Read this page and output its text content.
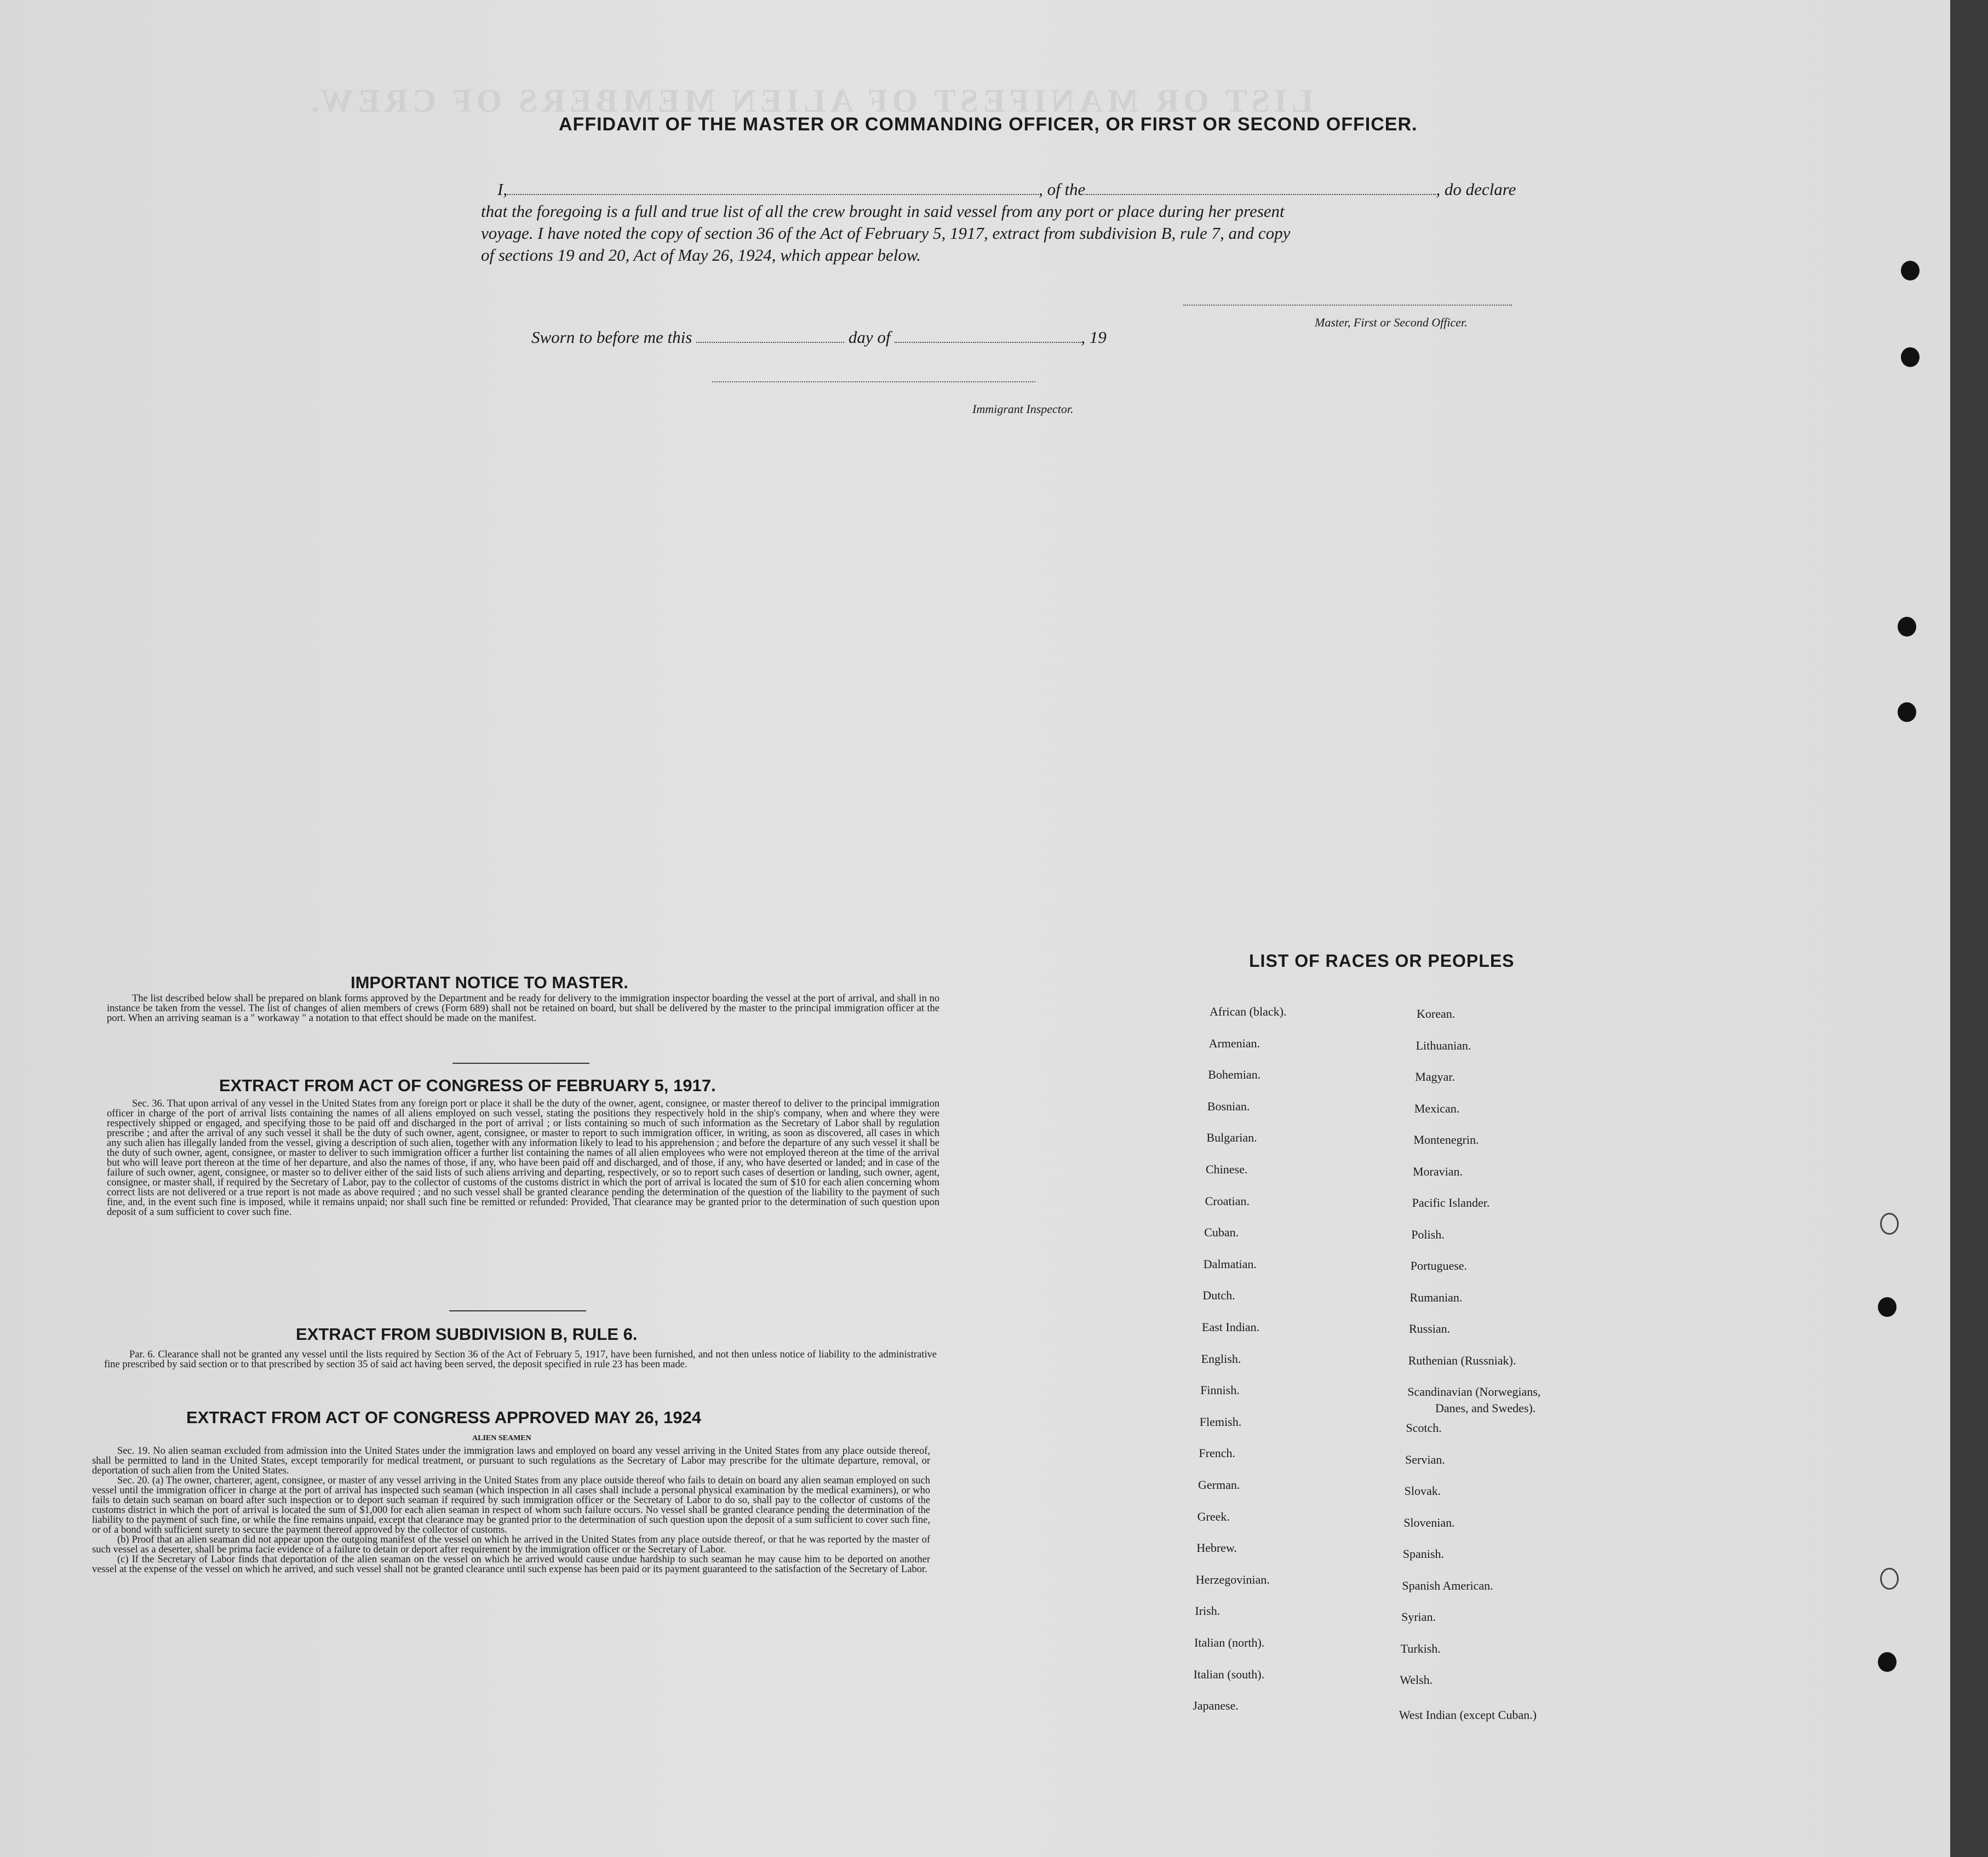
LIST OR MANIFEST OF ALIEN MEMBERS OF CREW.
AFFIDAVIT OF THE MASTER OR COMMANDING OFFICER, OR FIRST OR SECOND OFFICER.
I,	, of the	, do declare
that the foregoing is a full and true list of all the crew brought in said vessel from any port or place during her present
voyage. I have noted the copy of section 36 of the Act of February 5, 1917, extract from subdivision B, rule 7, and copy
of sections 19 and 20, Act of May 26, 1924, which appear below.
Master, First or Second Officer.
Sworn to before me this	day of	, 19
Immigrant Inspector.
IMPORTANT NOTICE TO MASTER.

The list described below shall be prepared on blank forms approved by the Department and be ready for delivery to the immigration inspector boarding the vessel at the port of arrival, and shall in no instance be taken from the vessel. The list of changes of alien members of crews (Form 689) shall not be retained on board, but shall be delivered by the master to the principal immigration officer at the port. When an arriving seaman is a " workaway " a notation to that effect should be made on the manifest.

EXTRACT FROM ACT OF CONGRESS OF FEBRUARY 5, 1917.

Sec. 36. That upon arrival of any vessel in the United States from any foreign port or place it shall be the duty of the owner, agent, consignee, or master thereof to deliver to the principal immigration officer in charge of the port of arrival lists containing the names of all aliens employed on such vessel, stating the positions they respectively hold in the ship's company, when and where they were respectively shipped or engaged, and specifying those to be paid off and discharged in the port of arrival ; or lists containing so much of such information as the Secretary of Labor shall by regulation prescribe ; and after the arrival of any such vessel it shall be the duty of such owner, agent, consignee, or master to report to such immigration officer, in writing, as soon as discovered, all cases in which any such alien has illegally landed from the vessel, giving a description of such alien, together with any information likely to lead to his apprehension ; and before the departure of any such vessel it shall be the duty of such owner, agent, consignee, or master to deliver to such immigration officer a further list containing the names of all alien employees who were not employed thereon at the time of the arrival but who will leave port thereon at the time of her departure, and also the names of those, if any, who have been paid off and discharged, and of those, if any, who have deserted or landed; and in case of the failure of such owner, agent, consignee, or master so to deliver either of the said lists of such aliens arriving and departing, respectively, or so to report such cases of desertion or landing, such owner, agent, consignee, or master shall, if required by the Secretary of Labor, pay to the collector of customs of the customs district in which the port of arrival is located the sum of $10 for each alien concerning whom correct lists are not delivered or a true report is not made as above required ; and no such vessel shall be granted clearance pending the determination of the question of the liability to the payment of such fine, and, in the event such fine is imposed, while it remains unpaid; nor shall such fine be remitted or refunded: Provided, That clearance may be granted prior to the determination of such question upon deposit of a sum sufficient to cover such fine.

EXTRACT FROM SUBDIVISION B, RULE 6.

Par. 6. Clearance shall not be granted any vessel until the lists required by Section 36 of the Act of February 5, 1917, have been furnished, and not then unless notice of liability to the administrative fine prescribed by said section or to that prescribed by section 35 of said act having been served, the deposit specified in rule 23 has been made.

EXTRACT FROM ACT OF CONGRESS APPROVED MAY 26, 1924
ALIEN SEAMEN

Sec. 19. No alien seaman excluded from admission into the United States under the immigration laws and employed on board any vessel arriving in the United States from any place outside thereof, shall be permitted to land in the United States, except temporarily for medical treatment, or pursuant to such regulations as the Secretary of Labor may prescribe for the ultimate departure, removal, or deportation of such alien from the United States.

Sec. 20. (a) The owner, charterer, agent, consignee, or master of any vessel arriving in the United States from any place outside thereof who fails to detain on board any alien seaman employed on such vessel until the immigration officer in charge at the port of arrival has inspected such seaman (which inspection in all cases shall include a personal physical examination by the medical examiners), or who fails to detain such seaman on board after such inspection or to deport such seaman if required by such immigration officer or the Secretary of Labor to do so, shall pay to the collector of customs of the customs district in which the port of arrival is located the sum of $1,000 for each alien seaman in respect of whom such failure occurs. No vessel shall be granted clearance pending the determination of the liability to the payment of such fine, or while the fine remains unpaid, except that clearance may be granted prior to the determination of such question upon the deposit of a sum sufficient to cover such fine, or of a bond with sufficient surety to secure the payment thereof approved by the collector of customs.

(b) Proof that an alien seaman did not appear upon the outgoing manifest of the vessel on which he arrived in the United States from any place outside thereof, or that he was reported by the master of such vessel as a deserter, shall be prima facie evidence of a failure to detain or deport after requirement by the immigration officer or the Secretary of Labor.

(c) If the Secretary of Labor finds that deportation of the alien seaman on the vessel on which he arrived would cause undue hardship to such seaman he may cause him to be deported on another vessel at the expense of the vessel on which he arrived, and such vessel shall not be granted clearance until such expense has been paid or its payment guaranteed to the satisfaction of the Secretary of Labor.

LIST OF RACES OR PEOPLES
African (black).
Armenian.
Bohemian.
Bosnian.
Bulgarian.
Chinese.
Croatian.
Cuban.
Dalmatian.
Dutch.
East Indian.
English.
Finnish.
Flemish.
French.
German.
Greek.
Hebrew.
Herzegovinian.
Irish.
Italian (north).
Italian (south).
Japanese.
Korean.
Lithuanian.
Magyar.
Mexican.
Montenegrin.
Moravian.
Pacific Islander.
Polish.
Portuguese.
Rumanian.
Russian.
Ruthenian (Russniak).
Scandinavian (Norwegians,
Danes, and Swedes).
Scotch.
Servian.
Slovak.
Slovenian.
Spanish.
Spanish American.
Syrian.
Turkish.
Welsh.
West Indian (except Cuban.)
